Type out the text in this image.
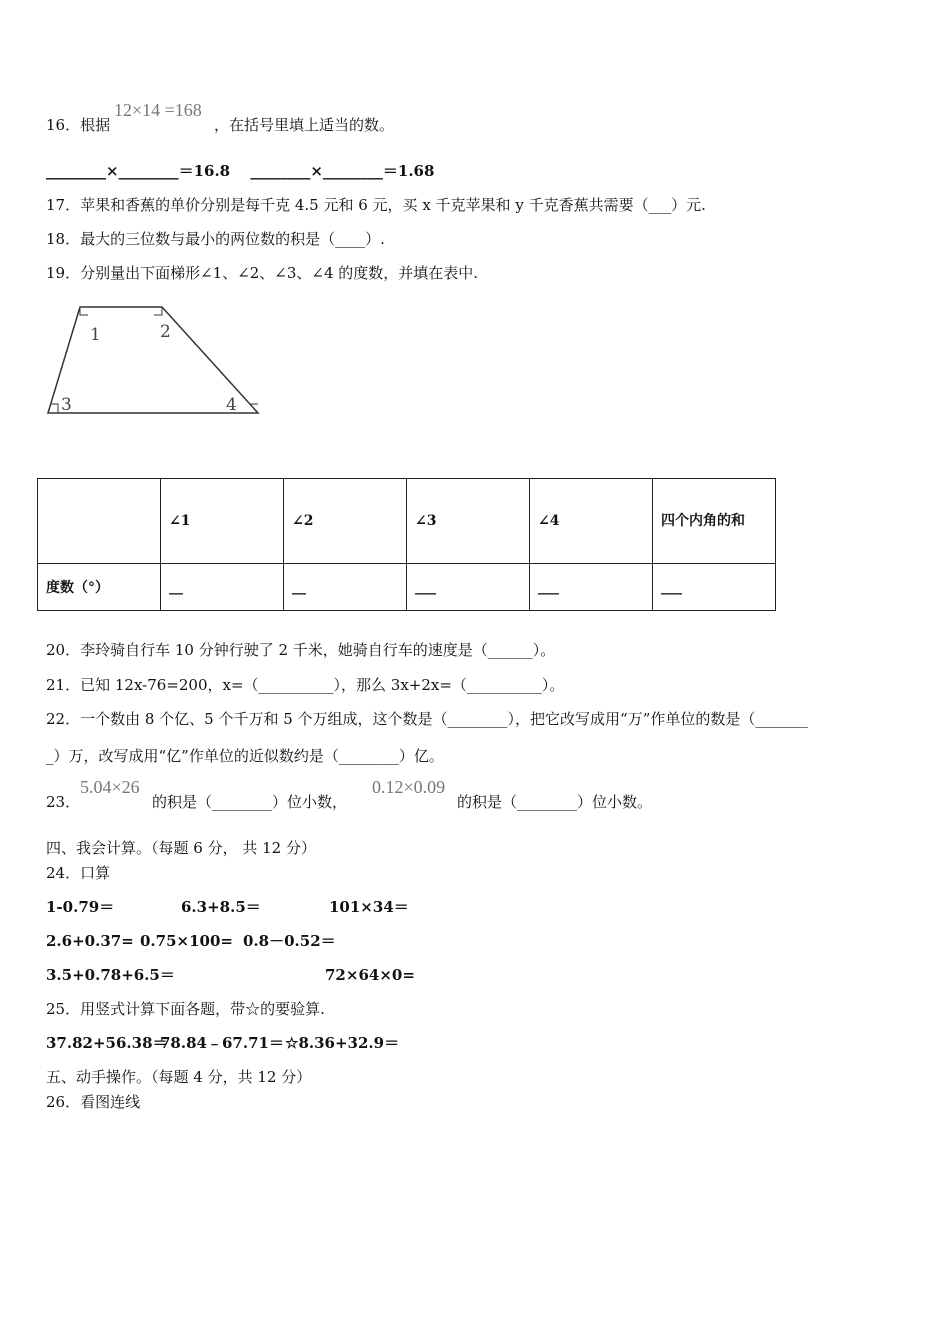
16．根据
12×14 =168
，在括号里填上适当的数。
________×________＝16.8　 ________×________＝1.68
17．苹果和香蕉的单价分别是每千克 4.5 元和 6 元，买 x 千克苹果和 y 千克香蕉共需要（___）元.
18．最大的三位数与最小的两位数的积是（____）.
19．分别量出下面梯形∠1、∠2、∠3、∠4 的度数，并填在表中.
1	2
3	4
	∠1	∠2	∠3	∠4	四个内角的和
度数（°）	__	__	___	___	___
20．李玲骑自行车 10 分钟行驶了 2 千米，她骑自行车的速度是（______）。
21．已知 12x-76=200，x=（__________），那么 3x+2x=（__________）。
22．一个数由 8 个亿、5 个千万和 5 个万组成，这个数是（________），把它改写成用“万”作单位的数是（_______
_）万，改写成用“亿”作单位的近似数约是（________）亿。
23．
5.04×26
的积是（________）位小数，
0.12×0.09
的积是（________）位小数。
四、我会计算。（每题 6 分， 共 12 分）
24．口算
1-0.79＝	6.3+8.5＝	101×34＝
2.6+0.37= 0.75×100= 0.8－0.52＝
3.5+0.78+6.5＝	72×64×0=
25．用竖式计算下面各题，带☆的要验算.
37.82+56.38＝
78.84﹣67.71＝ ☆8.36+32.9＝
五、动手操作。（每题 4 分，共 12 分）
26．看图连线
